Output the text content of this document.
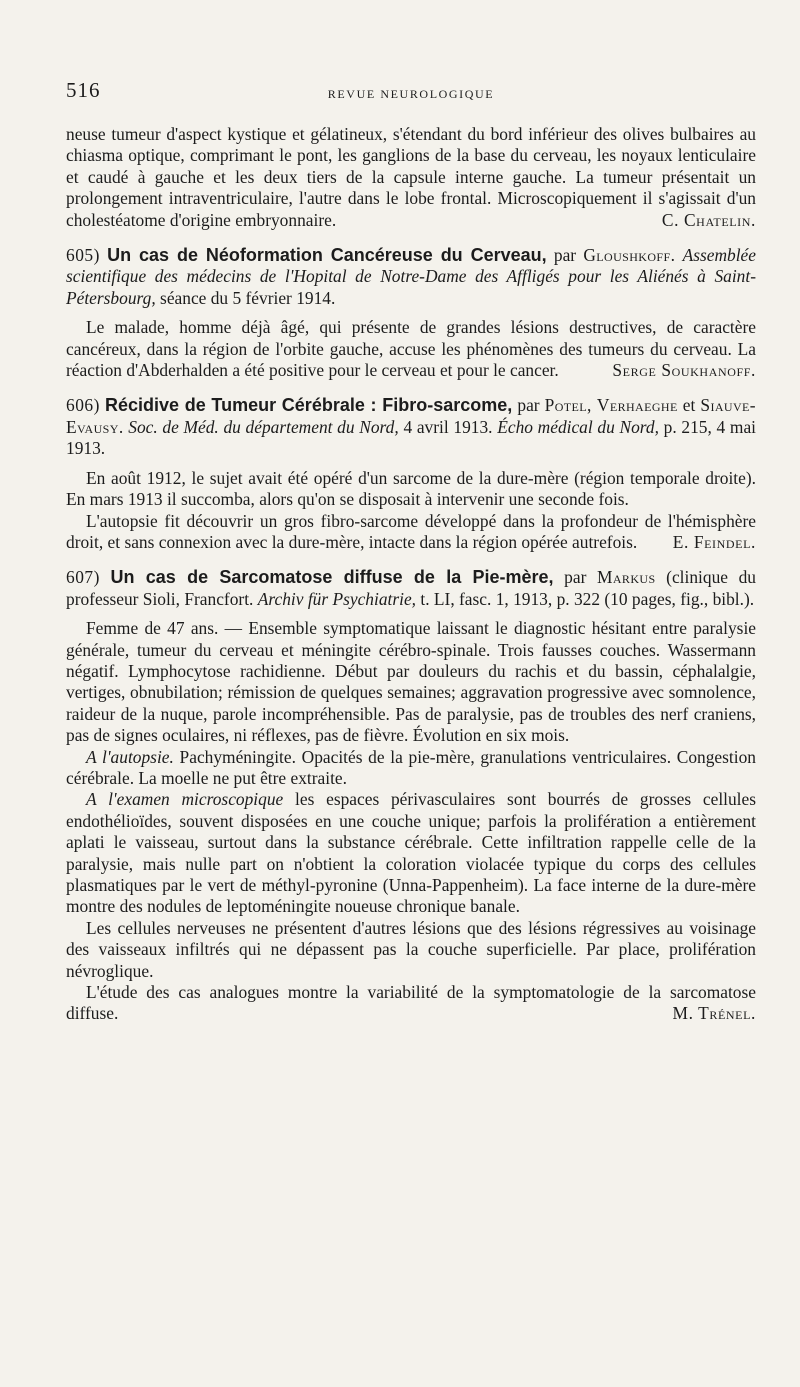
516	REVUE NEUROLOGIQUE

neuse tumeur d'aspect kystique et gélatineux, s'étendant du bord inférieur des olives bulbaires au chiasma optique, comprimant le pont, les ganglions de la base du cerveau, les noyaux lenticulaire et caudé à gauche et les deux tiers de la capsule interne gauche. La tumeur présentait un prolongement intraventriculaire, l'autre dans le lobe frontal. Microscopiquement il s'agissait d'un cholestéatome d'origine embryonnaire.	C. Chatelin.

605) Un cas de Néoformation Cancéreuse du Cerveau, par Gloushkoff. Assemblée scientifique des médecins de l'Hopital de Notre-Dame des Affligés pour les Aliénés à Saint-Pétersbourg, séance du 5 février 1914.

Le malade, homme déjà âgé, qui présente de grandes lésions destructives, de caractère cancéreux, dans la région de l'orbite gauche, accuse les phénomènes des tumeurs du cerveau. La réaction d'Abderhalden a été positive pour le cerveau et pour le cancer.	Serge Soukhanoff.

606) Récidive de Tumeur Cérébrale : Fibro-sarcome, par Potel, Verhaeghe et Siauve-Evausy. Soc. de Méd. du département du Nord, 4 avril 1913. Écho médical du Nord, p. 215, 4 mai 1913.

En août 1912, le sujet avait été opéré d'un sarcome de la dure-mère (région temporale droite). En mars 1913 il succomba, alors qu'on se disposait à intervenir une seconde fois.

L'autopsie fit découvrir un gros fibro-sarcome développé dans la profondeur de l'hémisphère droit, et sans connexion avec la dure-mère, intacte dans la région opérée autrefois.	E. Feindel.

607) Un cas de Sarcomatose diffuse de la Pie-mère, par Markus (clinique du professeur Sioli, Francfort. Archiv für Psychiatrie, t. LI, fasc. 1, 1913, p. 322 (10 pages, fig., bibl.).

Femme de 47 ans. — Ensemble symptomatique laissant le diagnostic hésitant entre paralysie générale, tumeur du cerveau et méningite cérébro-spinale. Trois fausses couches. Wassermann négatif. Lymphocytose rachidienne. Début par douleurs du rachis et du bassin, céphalalgie, vertiges, obnubilation; rémission de quelques semaines; aggravation progressive avec somnolence, raideur de la nuque, parole incompréhensible. Pas de paralysie, pas de troubles des nerf craniens, pas de signes oculaires, ni réflexes, pas de fièvre. Évolution en six mois.

A l'autopsie. Pachyméningite. Opacités de la pie-mère, granulations ventriculaires. Congestion cérébrale. La moelle ne put être extraite.

A l'examen microscopique les espaces périvasculaires sont bourrés de grosses cellules endothélioïdes, souvent disposées en une couche unique; parfois la prolifération a entièrement aplati le vaisseau, surtout dans la substance cérébrale. Cette infiltration rappelle celle de la paralysie, mais nulle part on n'obtient la coloration violacée typique du corps des cellules plasmatiques par le vert de méthyl-pyronine (Unna-Pappenheim). La face interne de la dure-mère montre des nodules de leptoméningite noueuse chronique banale.

Les cellules nerveuses ne présentent d'autres lésions que des lésions régressives au voisinage des vaisseaux infiltrés qui ne dépassent pas la couche superficielle. Par place, prolifération névroglique.

L'étude des cas analogues montre la variabilité de la symptomatologie de la sarcomatose diffuse.	M. Trénel.
